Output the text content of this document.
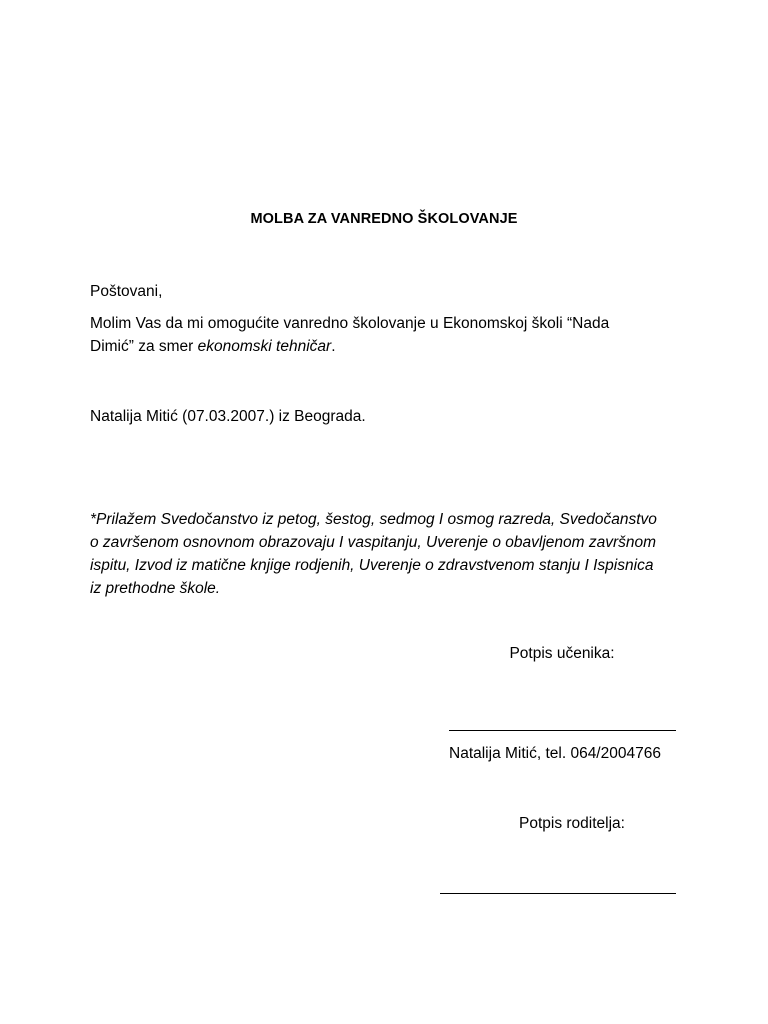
MOLBA ZA VANREDNO ŠKOLOVANJE
Poštovani,
Molim Vas da mi omogućite vanredno školovanje u Ekonomskoj školi “Nada
Dimić” za smer ekonomski tehničar.
Natalija Mitić (07.03.2007.) iz Beograda.
*Prilažem Svedočanstvo iz petog, šestog, sedmog I osmog razreda, Svedočanstvo
o završenom osnovnom obrazovaju I vaspitanju, Uverenje o obavljenom završnom
ispitu, Izvod iz matične knjige rodjenih, Uverenje o zdravstvenom stanju I Ispisnica
iz prethodne škole.
Potpis učenika:
Natalija Mitić, tel. 064/2004766
Potpis roditelja:
